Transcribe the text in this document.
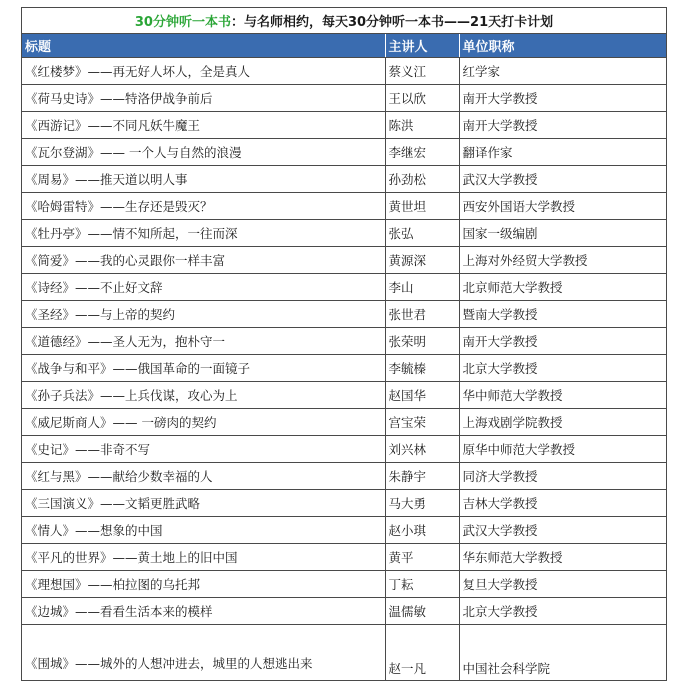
30分钟听一本书：与名师相约，每天30分钟听一本书——21天打卡计划		
标题	主讲人	单位职称
《红楼梦》——再无好人坏人，全是真人	蔡义江	红学家
《荷马史诗》——特洛伊战争前后	王以欣	南开大学教授
《西游记》——不同凡妖牛魔王	陈洪	南开大学教授
《瓦尔登湖》—— 一个人与自然的浪漫	李继宏	翻译作家
《周易》——推天道以明人事	孙劲松	武汉大学教授
《哈姆雷特》——生存还是毁灭？	黄世坦	西安外国语大学教授
《牡丹亭》——情不知所起，一往而深	张弘	国家一级编剧
《简爱》——我的心灵跟你一样丰富	黄源深	上海对外经贸大学教授
《诗经》——不止好文辞	李山	北京师范大学教授
《圣经》——与上帝的契约	张世君	暨南大学教授
《道德经》——圣人无为，抱朴守一	张荣明	南开大学教授
《战争与和平》——俄国革命的一面镜子	李毓榛	北京大学教授
《孙子兵法》——上兵伐谋，攻心为上	赵国华	华中师范大学教授
《威尼斯商人》—— 一磅肉的契约	宫宝荣	上海戏剧学院教授
《史记》——非奇不写	刘兴林	原华中师范大学教授
《红与黑》——献给少数幸福的人	朱静宇	同济大学教授
《三国演义》——文韬更胜武略	马大勇	吉林大学教授
《情人》——想象的中国	赵小琪	武汉大学教授
《平凡的世界》——黄土地上的旧中国	黄平	华东师范大学教授
《理想国》——柏拉图的乌托邦	丁耘	复旦大学教授
《边城》——看看生活本来的模样	温儒敏	北京大学教授
《围城》——城外的人想冲进去，城里的人想逃出来	赵一凡	中国社会科学院
